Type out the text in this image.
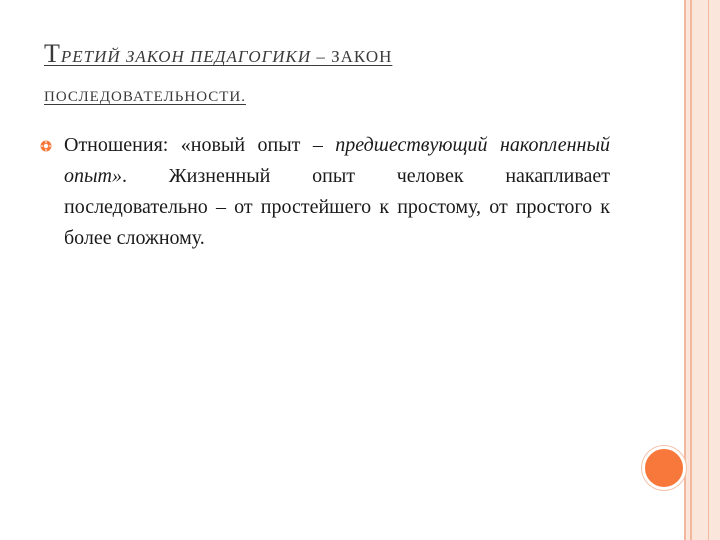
ТРЕТИЙ ЗАКОН ПЕДАГОГИКИ – ЗАКОН
ПОСЛЕДОВАТЕЛЬНОСТИ.
Отношения: «новый опыт – предшествующий накопленный опыт». Жизненный опыт человек накапливает последовательно – от простейшего к простому, от простого к более сложному.
